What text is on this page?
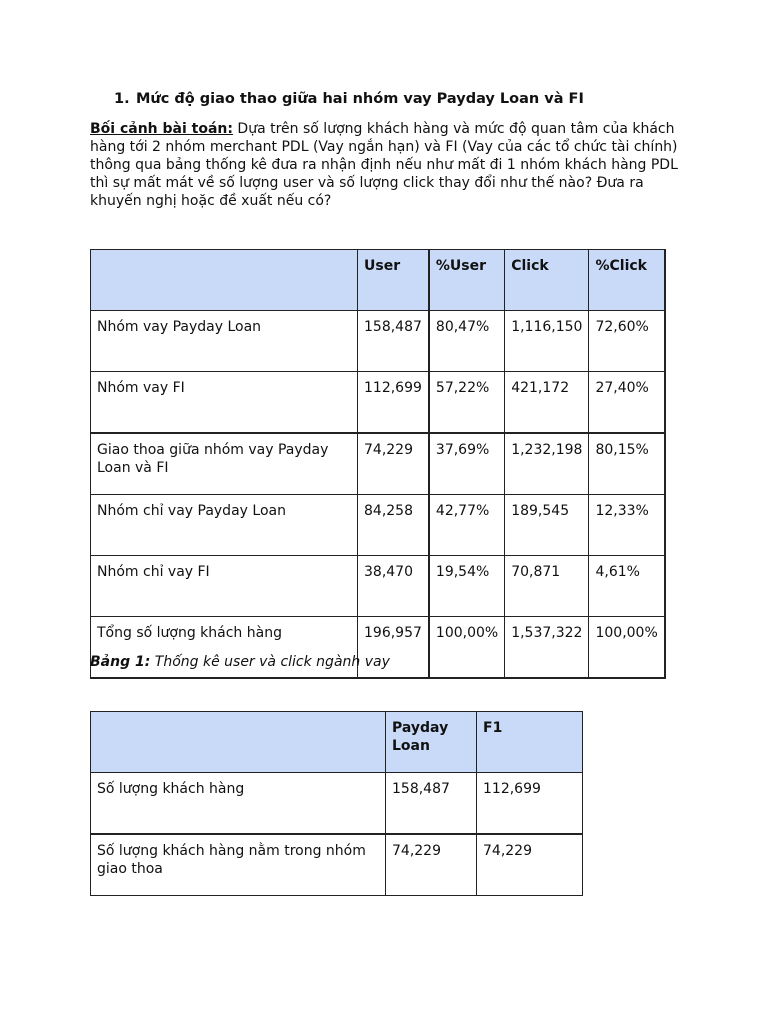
1. Mức độ giao thao giữa hai nhóm vay Payday Loan và FI
Bối cảnh bài toán: Dựa trên số lượng khách hàng và mức độ quan tâm của khách hàng tới 2 nhóm merchant PDL (Vay ngắn hạn) và FI (Vay của các tổ chức tài chính) thông qua bảng thống kê đưa ra nhận định nếu như mất đi 1 nhóm khách hàng PDL thì sự mất mát về số lượng user và số lượng click thay đổi như thế nào? Đưa ra khuyến nghị hoặc đề xuất nếu có?
	User	%User	Click	%Click
Nhóm vay Payday Loan	158,487	80,47%	1,116,150	72,60%
Nhóm vay FI	112,699	57,22%	421,172	27,40%
Giao thoa giữa nhóm vay Payday Loan và FI	74,229	37,69%	1,232,198	80,15%
Nhóm chỉ vay Payday Loan	84,258	42,77%	189,545	12,33%
Nhóm chỉ vay FI	38,470	19,54%	70,871	4,61%
Tổng số lượng khách hàng	196,957	100,00%	1,537,322	100,00%
Bảng 1: Thống kê user và click ngành vay
	Payday Loan	F1
Số lượng khách hàng	158,487	112,699
Số lượng khách hàng nằm trong nhóm giao thoa	74,229	74,229
